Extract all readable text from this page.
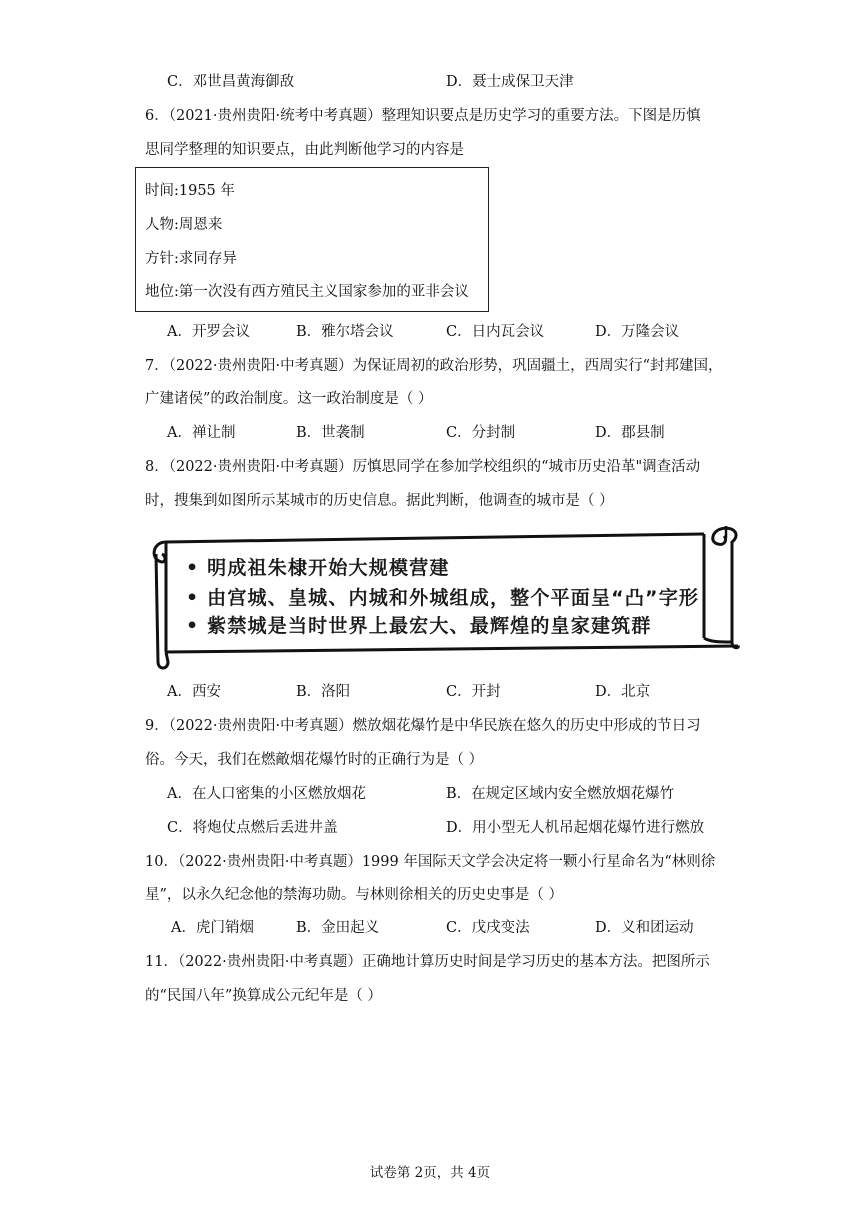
C．邓世昌黄海御敌	D．聂士成保卫天津
6．（2021·贵州贵阳·统考中考真题）整理知识要点是历史学习的重要方法。下图是历慎
思同学整理的知识要点，由此判断他学习的内容是
时间:1955 年
人物:周恩来
方针:求同存异
地位:第一次没有西方殖民主义国家参加的亚非会议
A．开罗会议	B．雅尔塔会议	C．日内瓦会议	D．万隆会议
7．（2022·贵州贵阳·中考真题）为保证周初的政治形势，巩固疆土，西周实行“封邦建国，
广建诸侯”的政治制度。这一政治制度是（ ）
A．禅让制	B．世袭制	C．分封制	D．郡县制
8．（2022·贵州贵阳·中考真题）厉慎思同学在参加学校组织的“城市历史沿革"调查活动
时，搜集到如图所示某城市的历史信息。据此判断，他调查的城市是（ ）
• 明成祖朱棣开始大规模营建
• 由宫城、皇城、内城和外城组成，整个平面呈“凸”字形
• 紫禁城是当时世界上最宏大、最辉煌的皇家建筑群
A．西安	B．洛阳	C．开封	D．北京
9．（2022·贵州贵阳·中考真题）燃放烟花爆竹是中华民族在悠久的历史中形成的节日习
俗。今天，我们在燃敵烟花爆竹时的正确行为是（ ）
A．在人口密集的小区燃放烟花	B．在规定区域内安全燃放烟花爆竹
C．将炮仗点燃后丢进井盖	D．用小型无人机吊起烟花爆竹进行燃放
10．（2022·贵州贵阳·中考真题）1999 年国际天文学会决定将一颗小行星命名为“林则徐
星”，以永久纪念他的禁海功勋。与林则徐相关的历史史事是（ ）
A．虎门销烟	B．金田起义	C．戊戌变法	D．义和团运动
11．（2022·贵州贵阳·中考真题）正确地计算历史时间是学习历史的基本方法。把图所示
的“民国八年”换算成公元纪年是（ ）
试卷第 2页，共 4页
